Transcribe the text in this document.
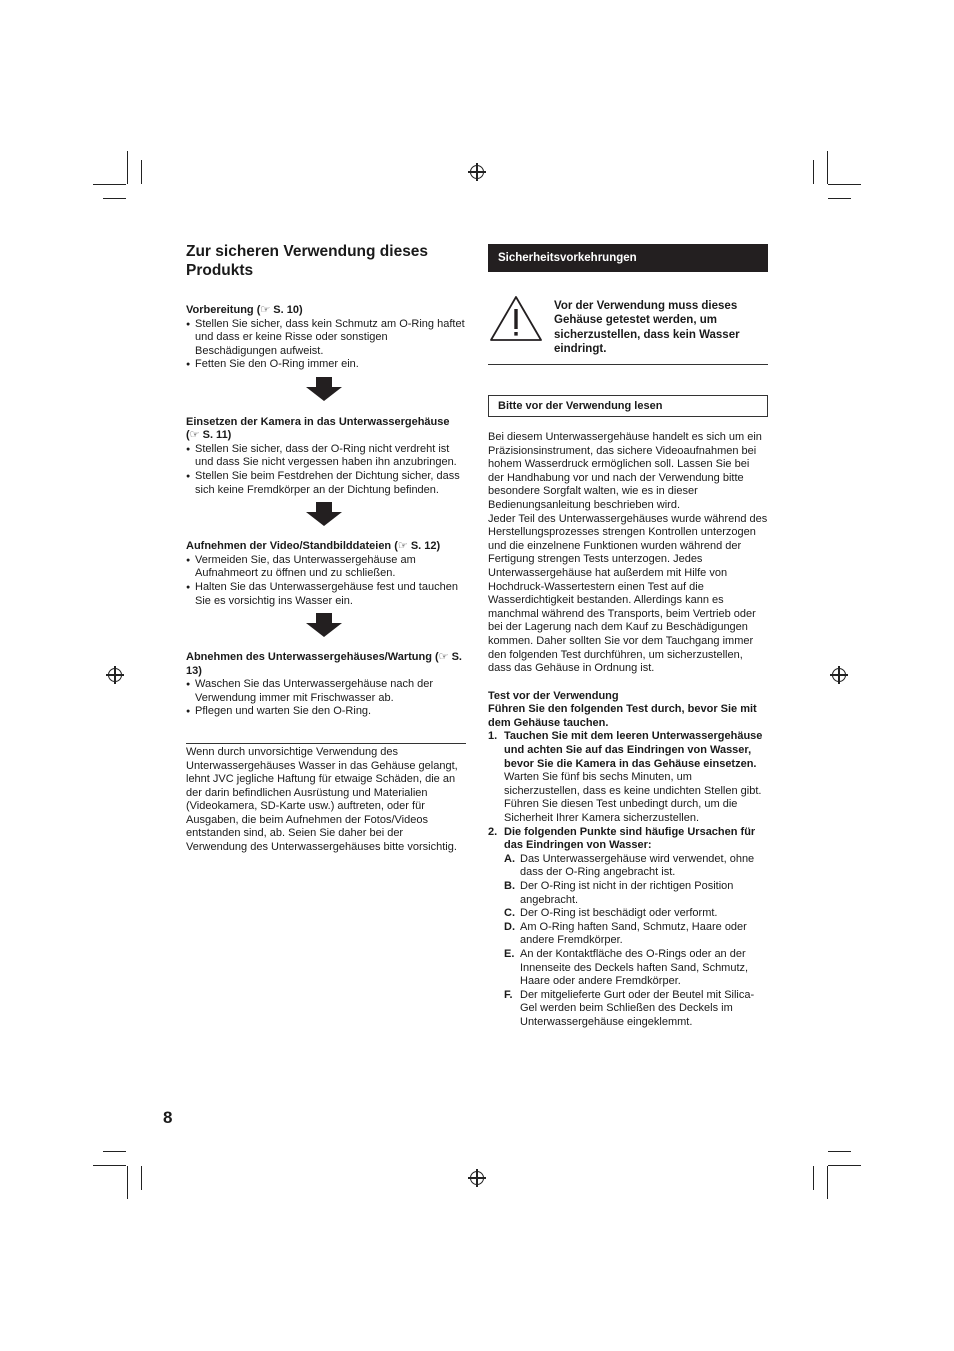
Zur sicheren Verwendung dieses Produkts

Vorbereitung (☞ S. 10)

● Stellen Sie sicher, dass kein Schmutz am O-Ring haftet und dass er keine Risse oder sonstigen Beschädigungen aufweist.
● Fetten Sie den O-Ring immer ein.

Einsetzen der Kamera in das Unterwassergehäuse (☞ S. 11)

● Stellen Sie sicher, dass der O-Ring nicht verdreht ist und dass Sie nicht vergessen haben ihn anzubringen.
● Stellen Sie beim Festdrehen der Dichtung sicher, dass sich keine Fremdkörper an der Dichtung befinden.

Aufnehmen der Video/Standbilddateien (☞ S. 12)

● Vermeiden Sie, das Unterwassergehäuse am Aufnahmeort zu öffnen und zu schließen.
● Halten Sie das Unterwassergehäuse fest und tauchen Sie es vorsichtig ins Wasser ein.

Abnehmen des Unterwassergehäuses/Wartung (☞ S. 13)

● Waschen Sie das Unterwassergehäuse nach der Verwendung immer mit Frischwasser ab.
● Pflegen und warten Sie den O-Ring.

Wenn durch unvorsichtige Verwendung des Unterwassergehäuses Wasser in das Gehäuse gelangt, lehnt JVC jegliche Haftung für etwaige Schäden, die an der darin befindlichen Ausrüstung und Materialien (Videokamera, SD-Karte usw.) auftreten, oder für Ausgaben, die beim Aufnehmen der Fotos/Videos entstanden sind, ab. Seien Sie daher bei der Verwendung des Unterwassergehäuses bitte vorsichtig.

Sicherheitsvorkehrungen
Vor der Verwendung muss dieses Gehäuse getestet werden, um sicherzustellen, dass kein Wasser eindringt.
Bitte vor der Verwendung lesen

Bei diesem Unterwassergehäuse handelt es sich um ein Präzisionsinstrument, das sichere Videoaufnahmen bei hohem Wasserdruck ermöglichen soll. Lassen Sie bei der Handhabung vor und nach der Verwendung bitte besondere Sorgfalt walten, wie es in dieser Bedienungsanleitung beschrieben wird.

Jeder Teil des Unterwassergehäuses wurde während des Herstellungsprozesses strengen Kontrollen unterzogen und die einzelnene Funktionen wurden während der Fertigung strengen Tests unterzogen. Jedes Unterwassergehäuse hat außerdem mit Hilfe von Hochdruck-Wassertestern einen Test auf die Wasserdichtigkeit bestanden. Allerdings kann es manchmal während des Transports, beim Vertrieb oder bei der Lagerung nach dem Kauf zu Beschädigungen kommen. Daher sollten Sie vor dem Tauchgang immer den folgenden Test durchführen, um sicherzustellen, dass das Gehäuse in Ordnung ist.

Test vor der Verwendung

Führen Sie den folgenden Test durch, bevor Sie mit dem Gehäuse tauchen.

1. Tauchen Sie mit dem leeren Unterwassergehäuse und achten Sie auf das Eindringen von Wasser, bevor Sie die Kamera in das Gehäuse einsetzen.
Warten Sie fünf bis sechs Minuten, um sicherzustellen, dass es keine undichten Stellen gibt. Führen Sie diesen Test unbedingt durch, um die Sicherheit Ihrer Kamera sicherzustellen.
2. Die folgenden Punkte sind häufige Ursachen für das Eindringen von Wasser:
A. Das Unterwassergehäuse wird verwendet, ohne dass der O-Ring angebracht ist.
B. Der O-Ring ist nicht in der richtigen Position angebracht.
C. Der O-Ring ist beschädigt oder verformt.
D. Am O-Ring haften Sand, Schmutz, Haare oder andere Fremdkörper.
E. An der Kontaktfläche des O-Rings oder an der Innenseite des Deckels haften Sand, Schmutz, Haare oder andere Fremdkörper.
F. Der mitgelieferte Gurt oder der Beutel mit Silica-Gel werden beim Schließen des Deckels im Unterwassergehäuse eingeklemmt.
8
